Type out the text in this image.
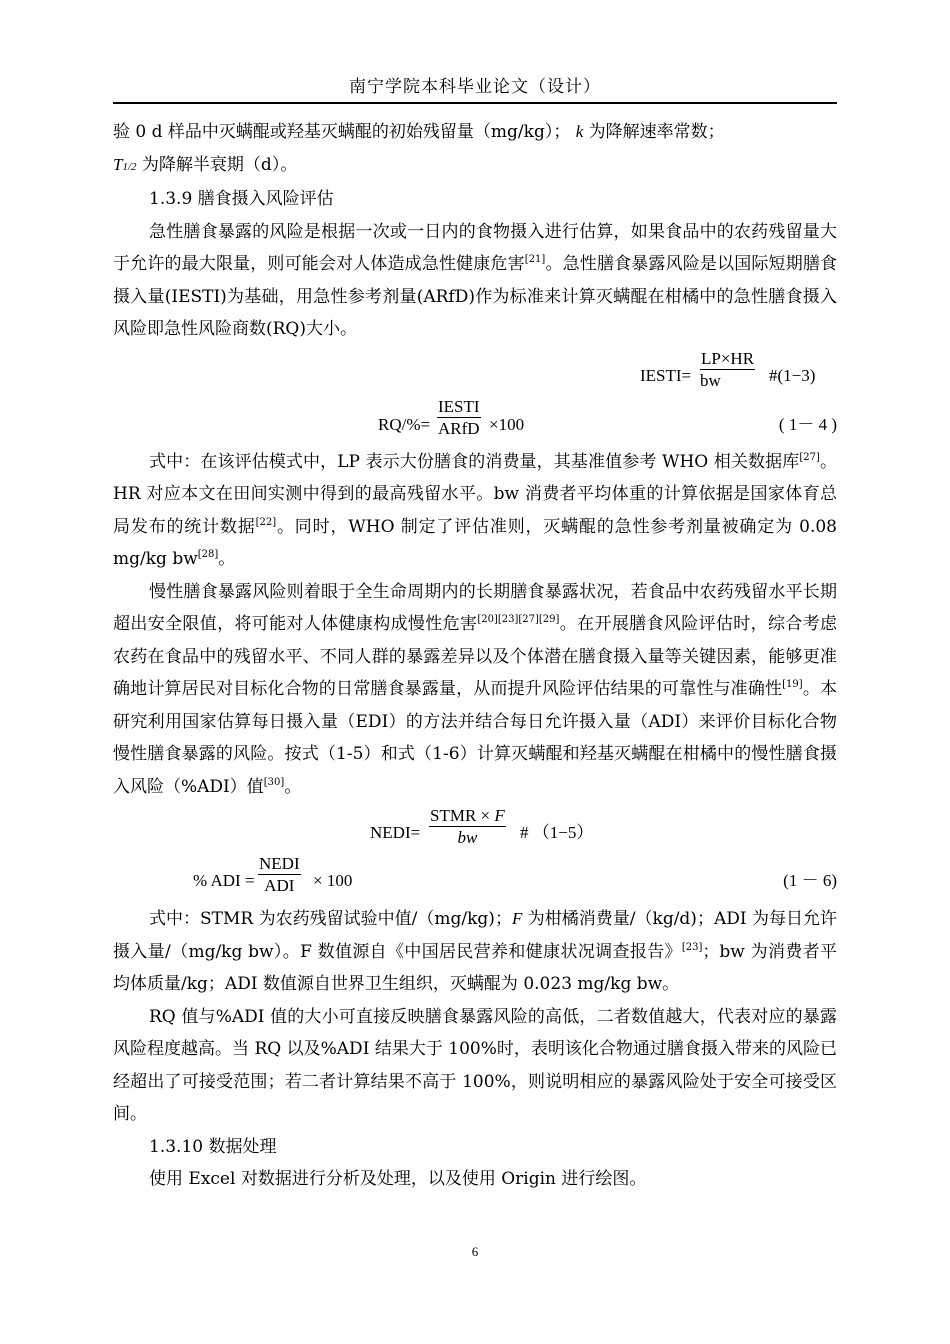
南宁学院本科毕业论文（设计）

验 0 d 样品中灭螨醌或羟基灭螨醌的初始残留量（mg/kg）； k 为降解速率常数；
T1/2 为降解半衰期（d）。

1.3.9 膳食摄入风险评估

急性膳食暴露的风险是根据一次或一日内的食物摄入进行估算，如果食品中的农药残留量大于允许的最大限量，则可能会对人体造成急性健康危害[21]。急性膳食暴露风险是以国际短期膳食摄入量(IESTI)为基础，用急性参考剂量(ARfD)作为标准来计算灭螨醌在柑橘中的急性膳食摄入风险即急性风险商数(RQ)大小。

IESTI= $\frac{LP\times HR}{bw}$ #(1−3)
RQ/%=
IESTI
ARfD ×100	( 1－ 4 )

式中：在该评估模式中，LP 表示大份膳食的消费量，其基准值参考 WHO 相关数据库[27]。HR 对应本文在田间实测中得到的最高残留水平。bw 消费者平均体重的计算依据是国家体育总局发布的统计数据[22]。同时，WHO 制定了评估准则，灭螨醌的急性参考剂量被确定为 0.08 mg/kg bw[28]。

慢性膳食暴露风险则着眼于全生命周期内的长期膳食暴露状况，若食品中农药残留水平长期超出安全限值，将可能对人体健康构成慢性危害[20][23][27][29]。在开展膳食风险评估时，综合考虑农药在食品中的残留水平、不同人群的暴露差异以及个体潜在膳食摄入量等关键因素，能够更准确地计算居民对目标化合物的日常膳食暴露量，从而提升风险评估结果的可靠性与准确性[19]。本研究利用国家估算每日摄入量（EDI）的方法并结合每日允许摄入量（ADI）来评价目标化合物慢性膳食暴露的风险。按式（1-5）和式（1-6）计算灭螨醌和羟基灭螨醌在柑橘中的慢性膳食摄入风险（%ADI）值[30]。

NEDI=
STMR × F
bw	# （1−5）
% ADI =
NEDI
ADI	× 100	(1 － 6)

式中：STMR 为农药残留试验中值/（mg/kg)；F 为柑橘消费量/（kg/d)；ADI 为每日允许摄入量/（mg/kg bw）。F 数值源自《中国居民营养和健康状况调查报告》[23]；bw 为消费者平均体质量/kg；ADI 数值源自世界卫生组织，灭螨醌为 0.023 mg/kg bw。

RQ 值与%ADI 值的大小可直接反映膳食暴露风险的高低，二者数值越大，代表对应的暴露风险程度越高。当 RQ 以及%ADI 结果大于 100%时，表明该化合物通过膳食摄入带来的风险已经超出了可接受范围；若二者计算结果不高于 100%，则说明相应的暴露风险处于安全可接受区间。

1.3.10 数据处理

使用 Excel 对数据进行分析及处理，以及使用 Origin 进行绘图。

6
